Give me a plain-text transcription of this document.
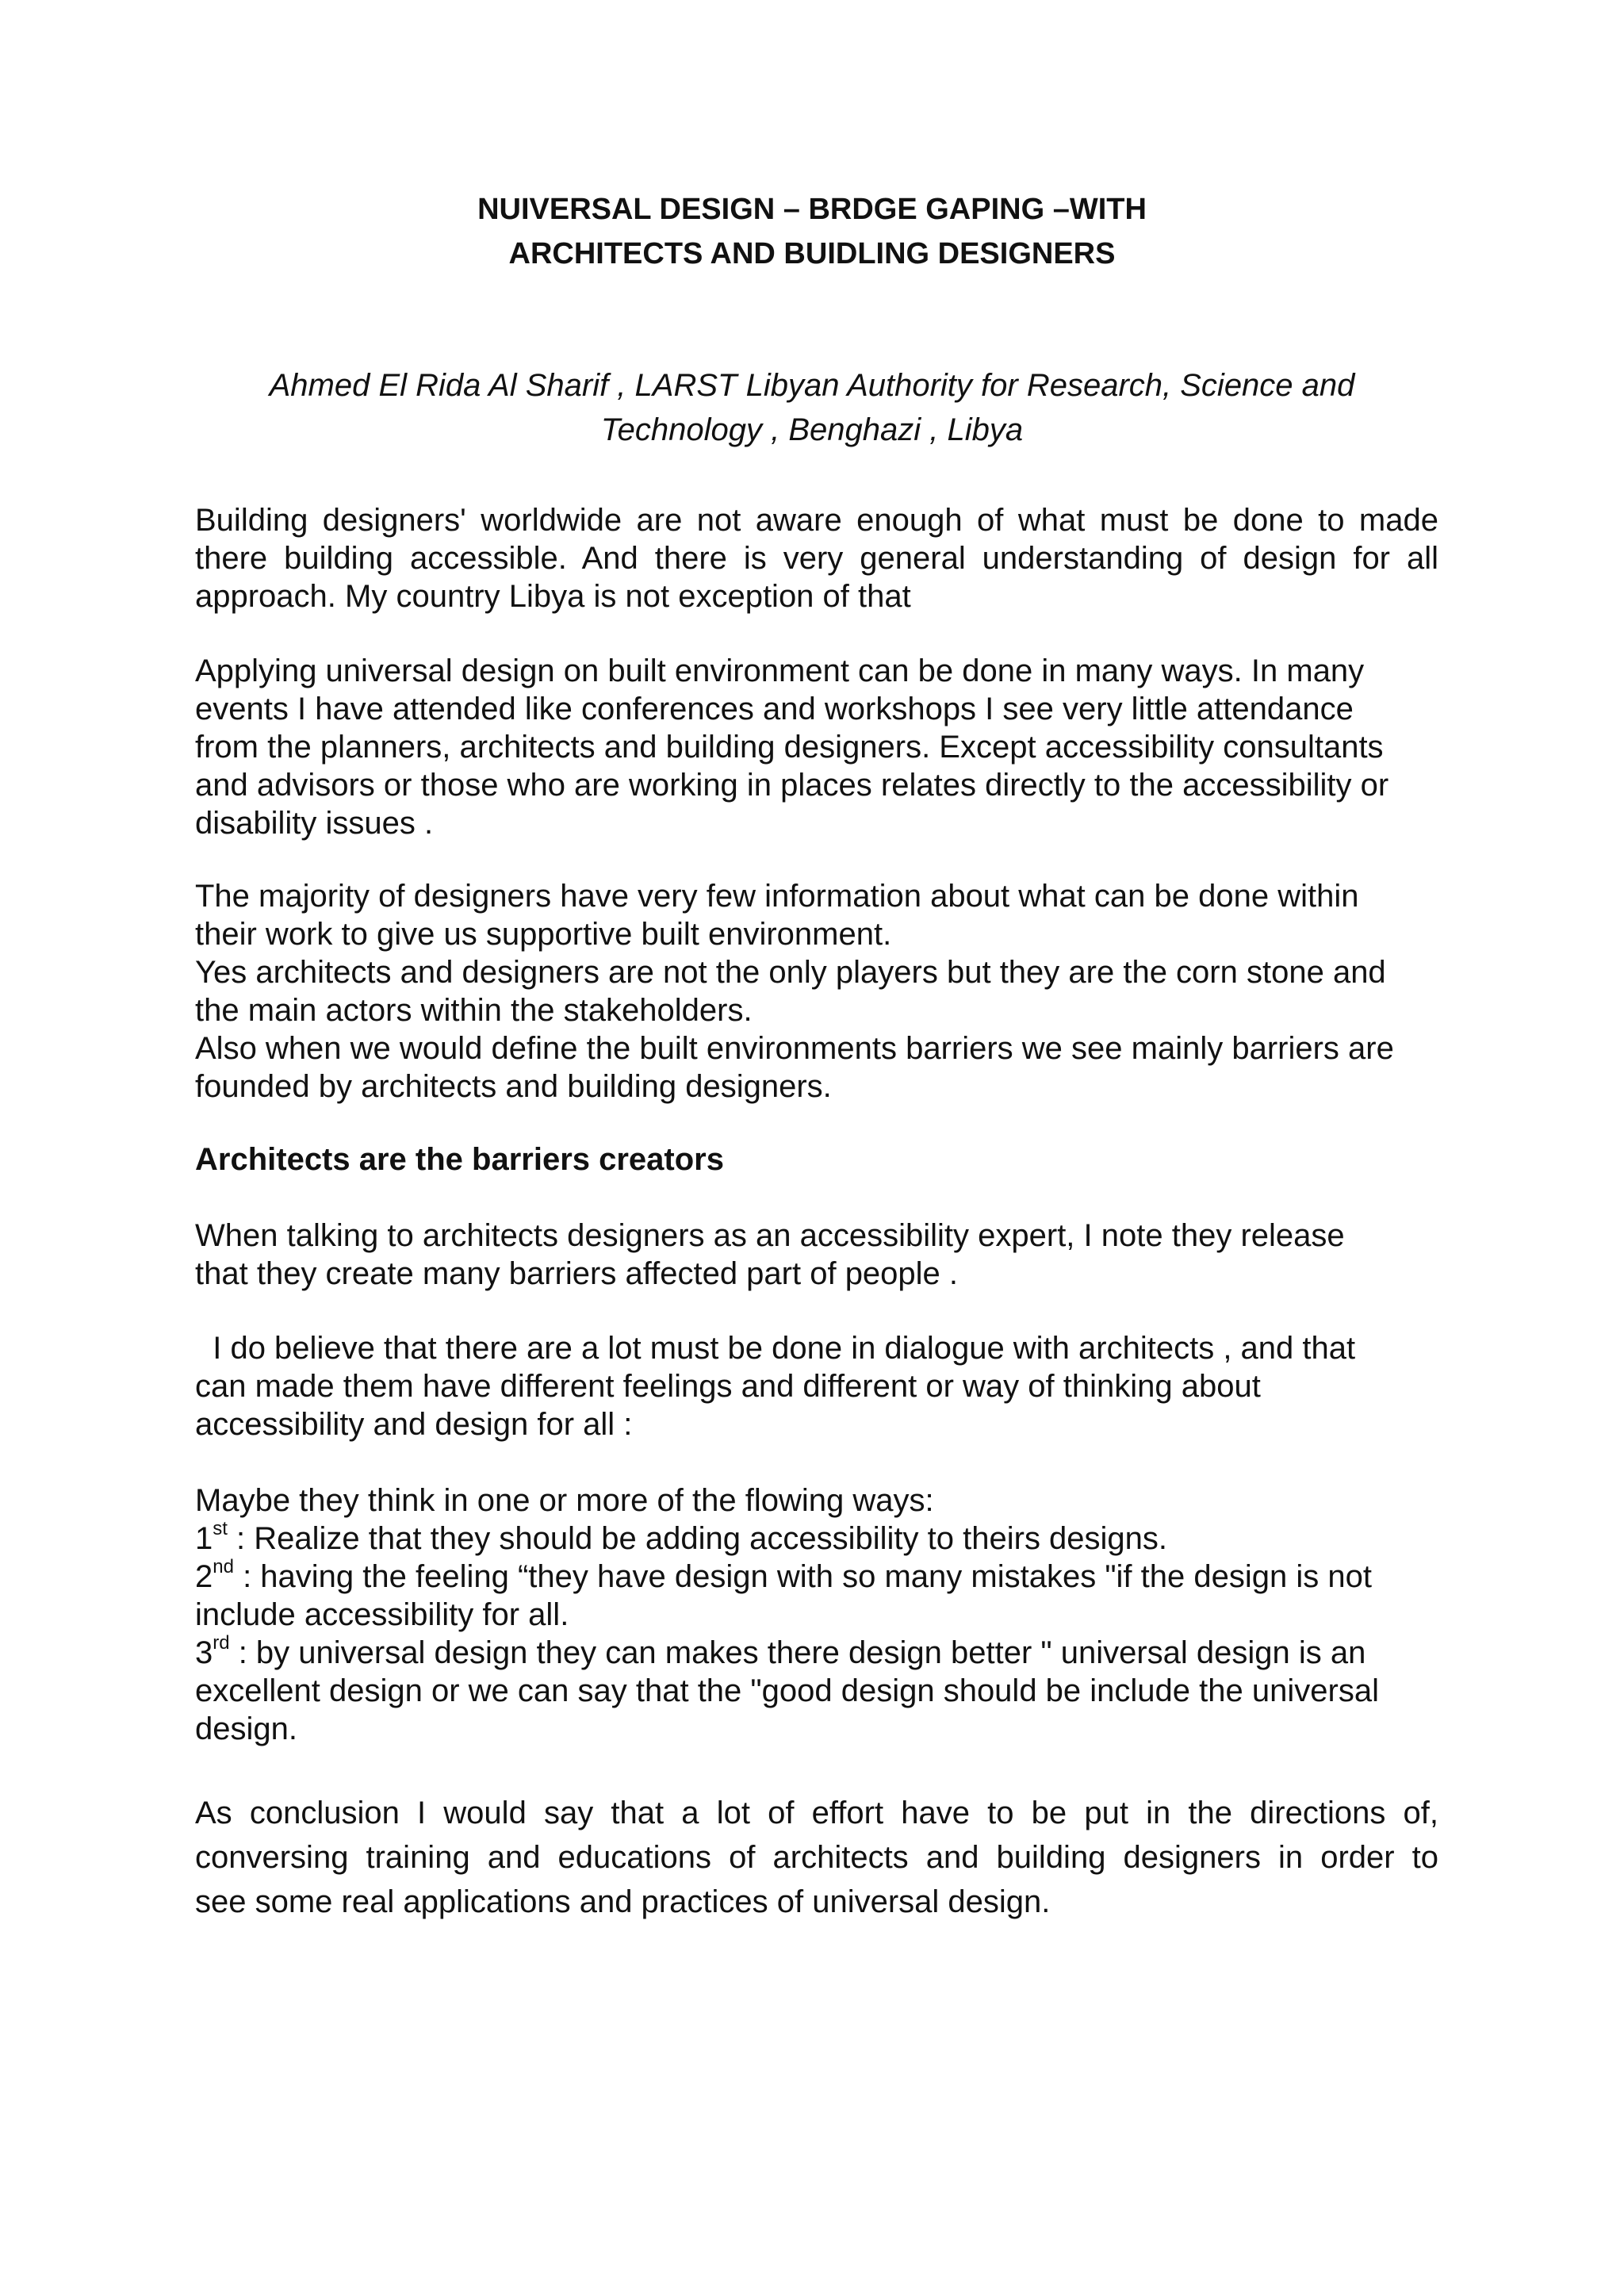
NUIVERSAL DESIGN – BRDGE GAPING –WITH
ARCHITECTS AND BUIDLING DESIGNERS
Ahmed El Rida Al Sharif , LARST Libyan Authority for Research, Science and
Technology , Benghazi , Libya
Building designers' worldwide are not aware enough of what must be done to made
there building accessible. And there is very general understanding of design for all
approach. My country Libya is not exception of that
Applying universal design on built environment can be done in many ways. In many
events I have attended like conferences and workshops I see very little attendance
from the planners, architects and building designers. Except accessibility consultants
and advisors or those who are working in places relates directly to the accessibility or
disability issues .
The majority of designers have very few information about what can be done within
their work to give us supportive built environment.
Yes architects and designers are not the only players but they are the corn stone and
the main actors within the stakeholders.
Also when we would define the built environments barriers we see mainly barriers are
founded by architects and building designers.
Architects are the barriers creators
When talking to architects designers as an accessibility expert, I note they release
that they create many barriers affected part of people .
I do believe that there are a lot must be done in dialogue with architects , and that
can made them have different feelings and different or way of thinking about
accessibility and design for all :
Maybe they think in one or more of the flowing ways:
1st : Realize that they should be adding accessibility to theirs designs.
2nd : having the feeling “they have design with so many mistakes "if the design is not
include accessibility for all.
3rd : by universal design they can makes there design better " universal design is an
excellent design or we can say that the "good design should be include the universal
design.
As conclusion I would say that a lot of effort have to be put in the directions of,
conversing training and educations of architects and building designers in order to
see some real applications and practices of universal design.
